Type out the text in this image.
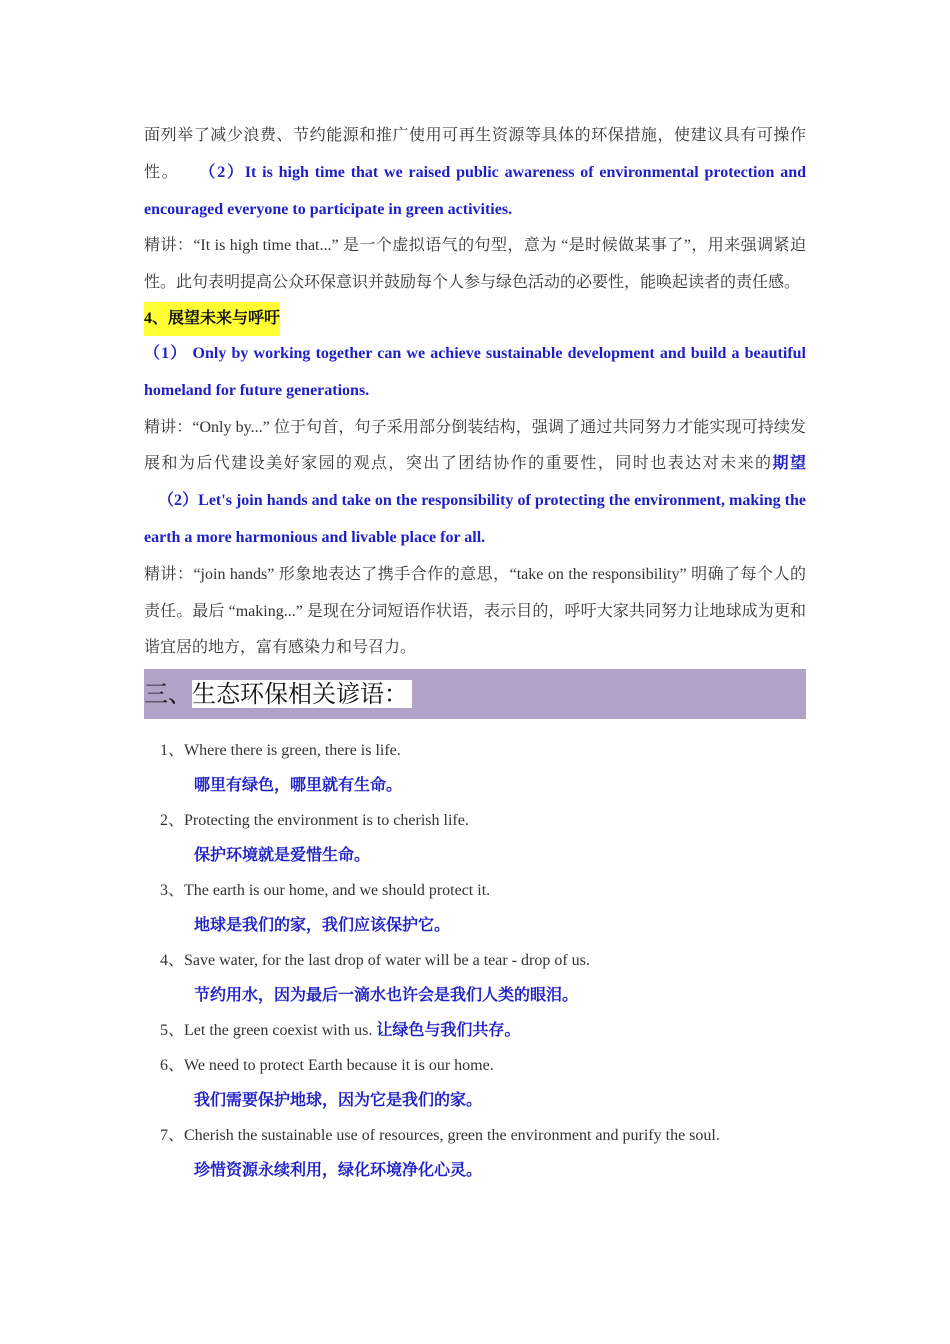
面列举了减少浪费、节约能源和推广使用可再生资源等具体的环保措施，使建议具有可操作性。 （2）It is high time that we raised public awareness of environmental protection and encouraged everyone to participate in green activities.

精讲：“It is high time that...” 是一个虚拟语气的句型，意为 “是时候做某事了”，用来强调紧迫性。此句表明提高公众环保意识并鼓励每个人参与绿色活动的必要性，能唤起读者的责任感。

4、展望未来与呼吁

（1） Only by working together can we achieve sustainable development and build a beautiful homeland for future generations.

精讲：“Only by...” 位于句首，句子采用部分倒装结构，强调了通过共同努力才能实现可持续发展和为后代建设美好家园的观点，突出了团结协作的重要性，同时也表达对未来的期望 （2）Let's join hands and take on the responsibility of protecting the environment, making the earth a more harmonious and livable place for all.

精讲：“join hands” 形象地表达了携手合作的意思，“take on the responsibility” 明确了每个人的责任。最后 “making...” 是现在分词短语作状语，表示目的，呼吁大家共同努力让地球成为更和谐宜居的地方，富有感染力和号召力。

三、生态环保相关谚语：

1、Where there is green, there is life.

哪里有绿色，哪里就有生命。

2、Protecting the environment is to cherish life.

保护环境就是爱惜生命。

3、The earth is our home, and we should protect it.

地球是我们的家，我们应该保护它。

4、Save water, for the last drop of water will be a tear - drop of us.

节约用水，因为最后一滴水也许会是我们人类的眼泪。

5、Let the green coexist with us. 让绿色与我们共存。

6、We need to protect Earth because it is our home.

我们需要保护地球，因为它是我们的家。

7、Cherish the sustainable use of resources, green the environment and purify the soul.

珍惜资源永续利用，绿化环境净化心灵。
